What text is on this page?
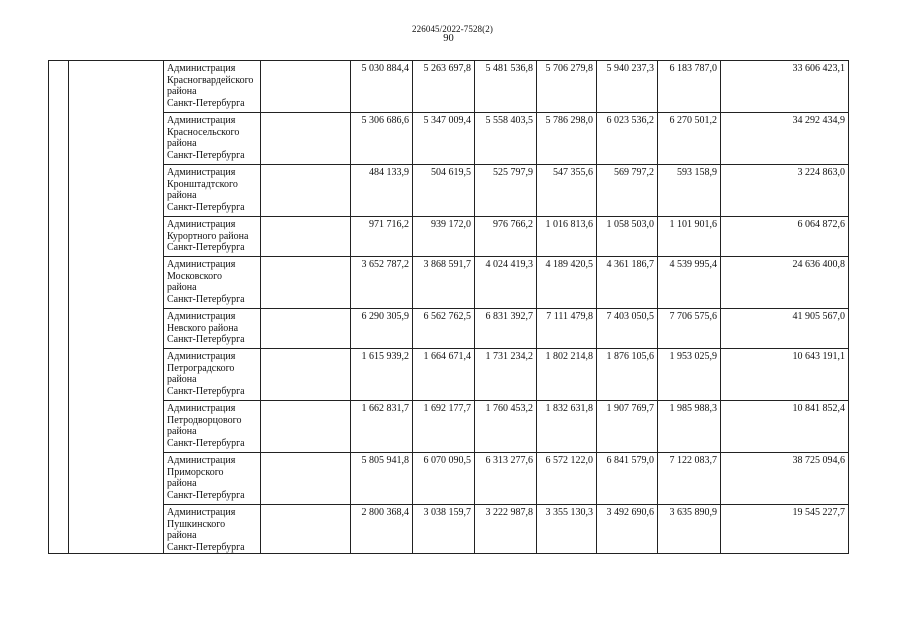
226045/2022-7528(2)
90

		Администрация
Красногвардейского
района
Санкт-Петербурга		5 030 884,4	5 263 697,8	5 481 536,8	5 706 279,8	5 940 237,3	6 183 787,0	33 606 423,1	

		Администрация
Красносельского
района
Санкт-Петербурга		5 306 686,6	5 347 009,4	5 558 403,5	5 786 298,0	6 023 536,2	6 270 501,2	34 292 434,9	

		Администрация
Кронштадтского
района
Санкт-Петербурга		484 133,9	504 619,5	525 797,9	547 355,6	569 797,2	593 158,9	3 224 863,0	

		Администрация
Курортного района
Санкт-Петербурга		971 716,2	939 172,0	976 766,2	1 016 813,6	1 058 503,0	1 101 901,6	6 064 872,6	

		Администрация
Московского
района
Санкт-Петербурга		3 652 787,2	3 868 591,7	4 024 419,3	4 189 420,5	4 361 186,7	4 539 995,4	24 636 400,8	

		Администрация
Невского района
Санкт-Петербурга		6 290 305,9	6 562 762,5	6 831 392,7	7 111 479,8	7 403 050,5	7 706 575,6	41 905 567,0	

		Администрация
Петроградского
района
Санкт-Петербурга		1 615 939,2	1 664 671,4	1 731 234,2	1 802 214,8	1 876 105,6	1 953 025,9	10 643 191,1	

		Администрация
Петродворцового
района
Санкт-Петербурга		1 662 831,7	1 692 177,7	1 760 453,2	1 832 631,8	1 907 769,7	1 985 988,3	10 841 852,4	

		Администрация
Приморского
района
Санкт-Петербурга		5 805 941,8	6 070 090,5	6 313 277,6	6 572 122,0	6 841 579,0	7 122 083,7	38 725 094,6	

		Администрация
Пушкинского
района
Санкт-Петербурга		2 800 368,4	3 038 159,7	3 222 987,8	3 355 130,3	3 492 690,6	3 635 890,9	19 545 227,7	
